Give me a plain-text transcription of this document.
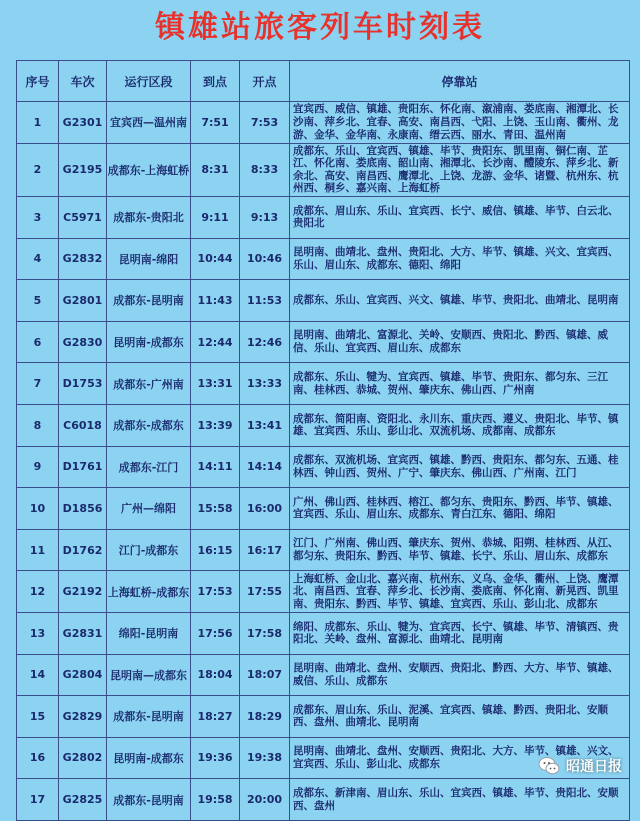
镇雄站旅客列车时刻表
序号	车次	运行区段	到点	开点	停靠站
1	G2301	宜宾西—温州南	7:51	7:53	宜宾西、威信、镇雄、贵阳东、怀化南、溆浦南、娄底南、湘潭北、长沙南、萍乡北、宜春、高安、南昌西、弋阳、上饶、玉山南、衢州、龙游、金华、金华南、永康南、缙云西、丽水、青田、温州南
2	G2195	成都东-上海虹桥	8:31	8:33	成都东、乐山、宜宾西、镇雄、毕节、贵阳东、凯里南、铜仁南、芷江、怀化南、娄底南、韶山南、湘潭北、长沙南、醴陵东、萍乡北、新余北、高安、南昌西、鹰潭北、上饶、龙游、金华、诸暨、杭州东、杭州西、桐乡、嘉兴南、上海虹桥
3	C5971	成都东-贵阳北	9:11	9:13	成都东、眉山东、乐山、宜宾西、长宁、威信、镇雄、毕节、白云北、贵阳北
4	G2832	昆明南-绵阳	10:44	10:46	昆明南、曲靖北、盘州、贵阳北、大方、毕节、镇雄、兴文、宜宾西、乐山、眉山东、成都东、德阳、绵阳
5	G2801	成都东-昆明南	11:43	11:53	成都东、乐山、宜宾西、兴文、镇雄、毕节、贵阳北、曲靖北、昆明南
6	G2830	昆明南-成都东	12:44	12:46	昆明南、曲靖北、富源北、关岭、安顺西、贵阳北、黔西、镇雄、威信、乐山、宜宾西、眉山东、成都东
7	D1753	成都东-广州南	13:31	13:33	成都东、乐山、犍为、宜宾西、镇雄、毕节、贵阳东、都匀东、三江南、桂林西、恭城、贺州、肇庆东、佛山西、广州南
8	C6018	成都东-成都东	13:39	13:41	成都东、简阳南、资阳北、永川东、重庆西、遵义、贵阳北、毕节、镇雄、宜宾西、乐山、彭山北、双流机场、成都南、成都东
9	D1761	成都东-江门	14:11	14:14	成都东、双流机场、宜宾西、镇雄、黔西、贵阳东、都匀东、五通、桂林西、钟山西、贺州、广宁、肇庆东、佛山西、广州南、江门
10	D1856	广州—绵阳	15:58	16:00	广州、佛山西、桂林西、榕江、都匀东、贵阳东、黔西、毕节、镇雄、宜宾西、乐山、眉山东、成都东、青白江东、德阳、绵阳
11	D1762	江门-成都东	16:15	16:17	江门、广州南、佛山西、肇庆东、贺州、恭城、阳朔、桂林西、从江、都匀东、贵阳东、黔西、毕节、镇雄、长宁、乐山、眉山东、成都东
12	G2192	上海虹桥-成都东	17:53	17:55	上海虹桥、金山北、嘉兴南、杭州东、义乌、金华、衢州、上饶、鹰潭北、南昌西、宜春、萍乡北、长沙南、娄底南、怀化南、新晃西、凯里南、贵阳东、黔西、毕节、镇雄、宜宾西、乐山、彭山北、成都东
13	G2831	绵阳-昆明南	17:56	17:58	绵阳、成都东、乐山、犍为、宜宾西、长宁、镇雄、毕节、清镇西、贵阳北、关岭、盘州、富源北、曲靖北、昆明南
14	G2804	昆明南—成都东	18:04	18:07	昆明南、曲靖北、盘州、安顺西、贵阳北、黔西、大方、毕节、镇雄、威信、乐山、成都东
15	G2829	成都东-昆明南	18:27	18:29	成都东、眉山东、乐山、泥溪、宜宾西、镇雄、黔西、贵阳北、安顺西、盘州、曲靖北、昆明南
16	G2802	昆明南-成都东	19:36	19:38	昆明南、曲靖北、盘州、安顺西、贵阳北、大方、毕节、镇雄、兴文、宜宾西、乐山、彭山北、成都东
17	G2825	成都东-昆明南	19:58	20:00	成都东、新津南、眉山东、乐山、宜宾西、镇雄、毕节、贵阳北、安顺西、盘州
昭通日报
